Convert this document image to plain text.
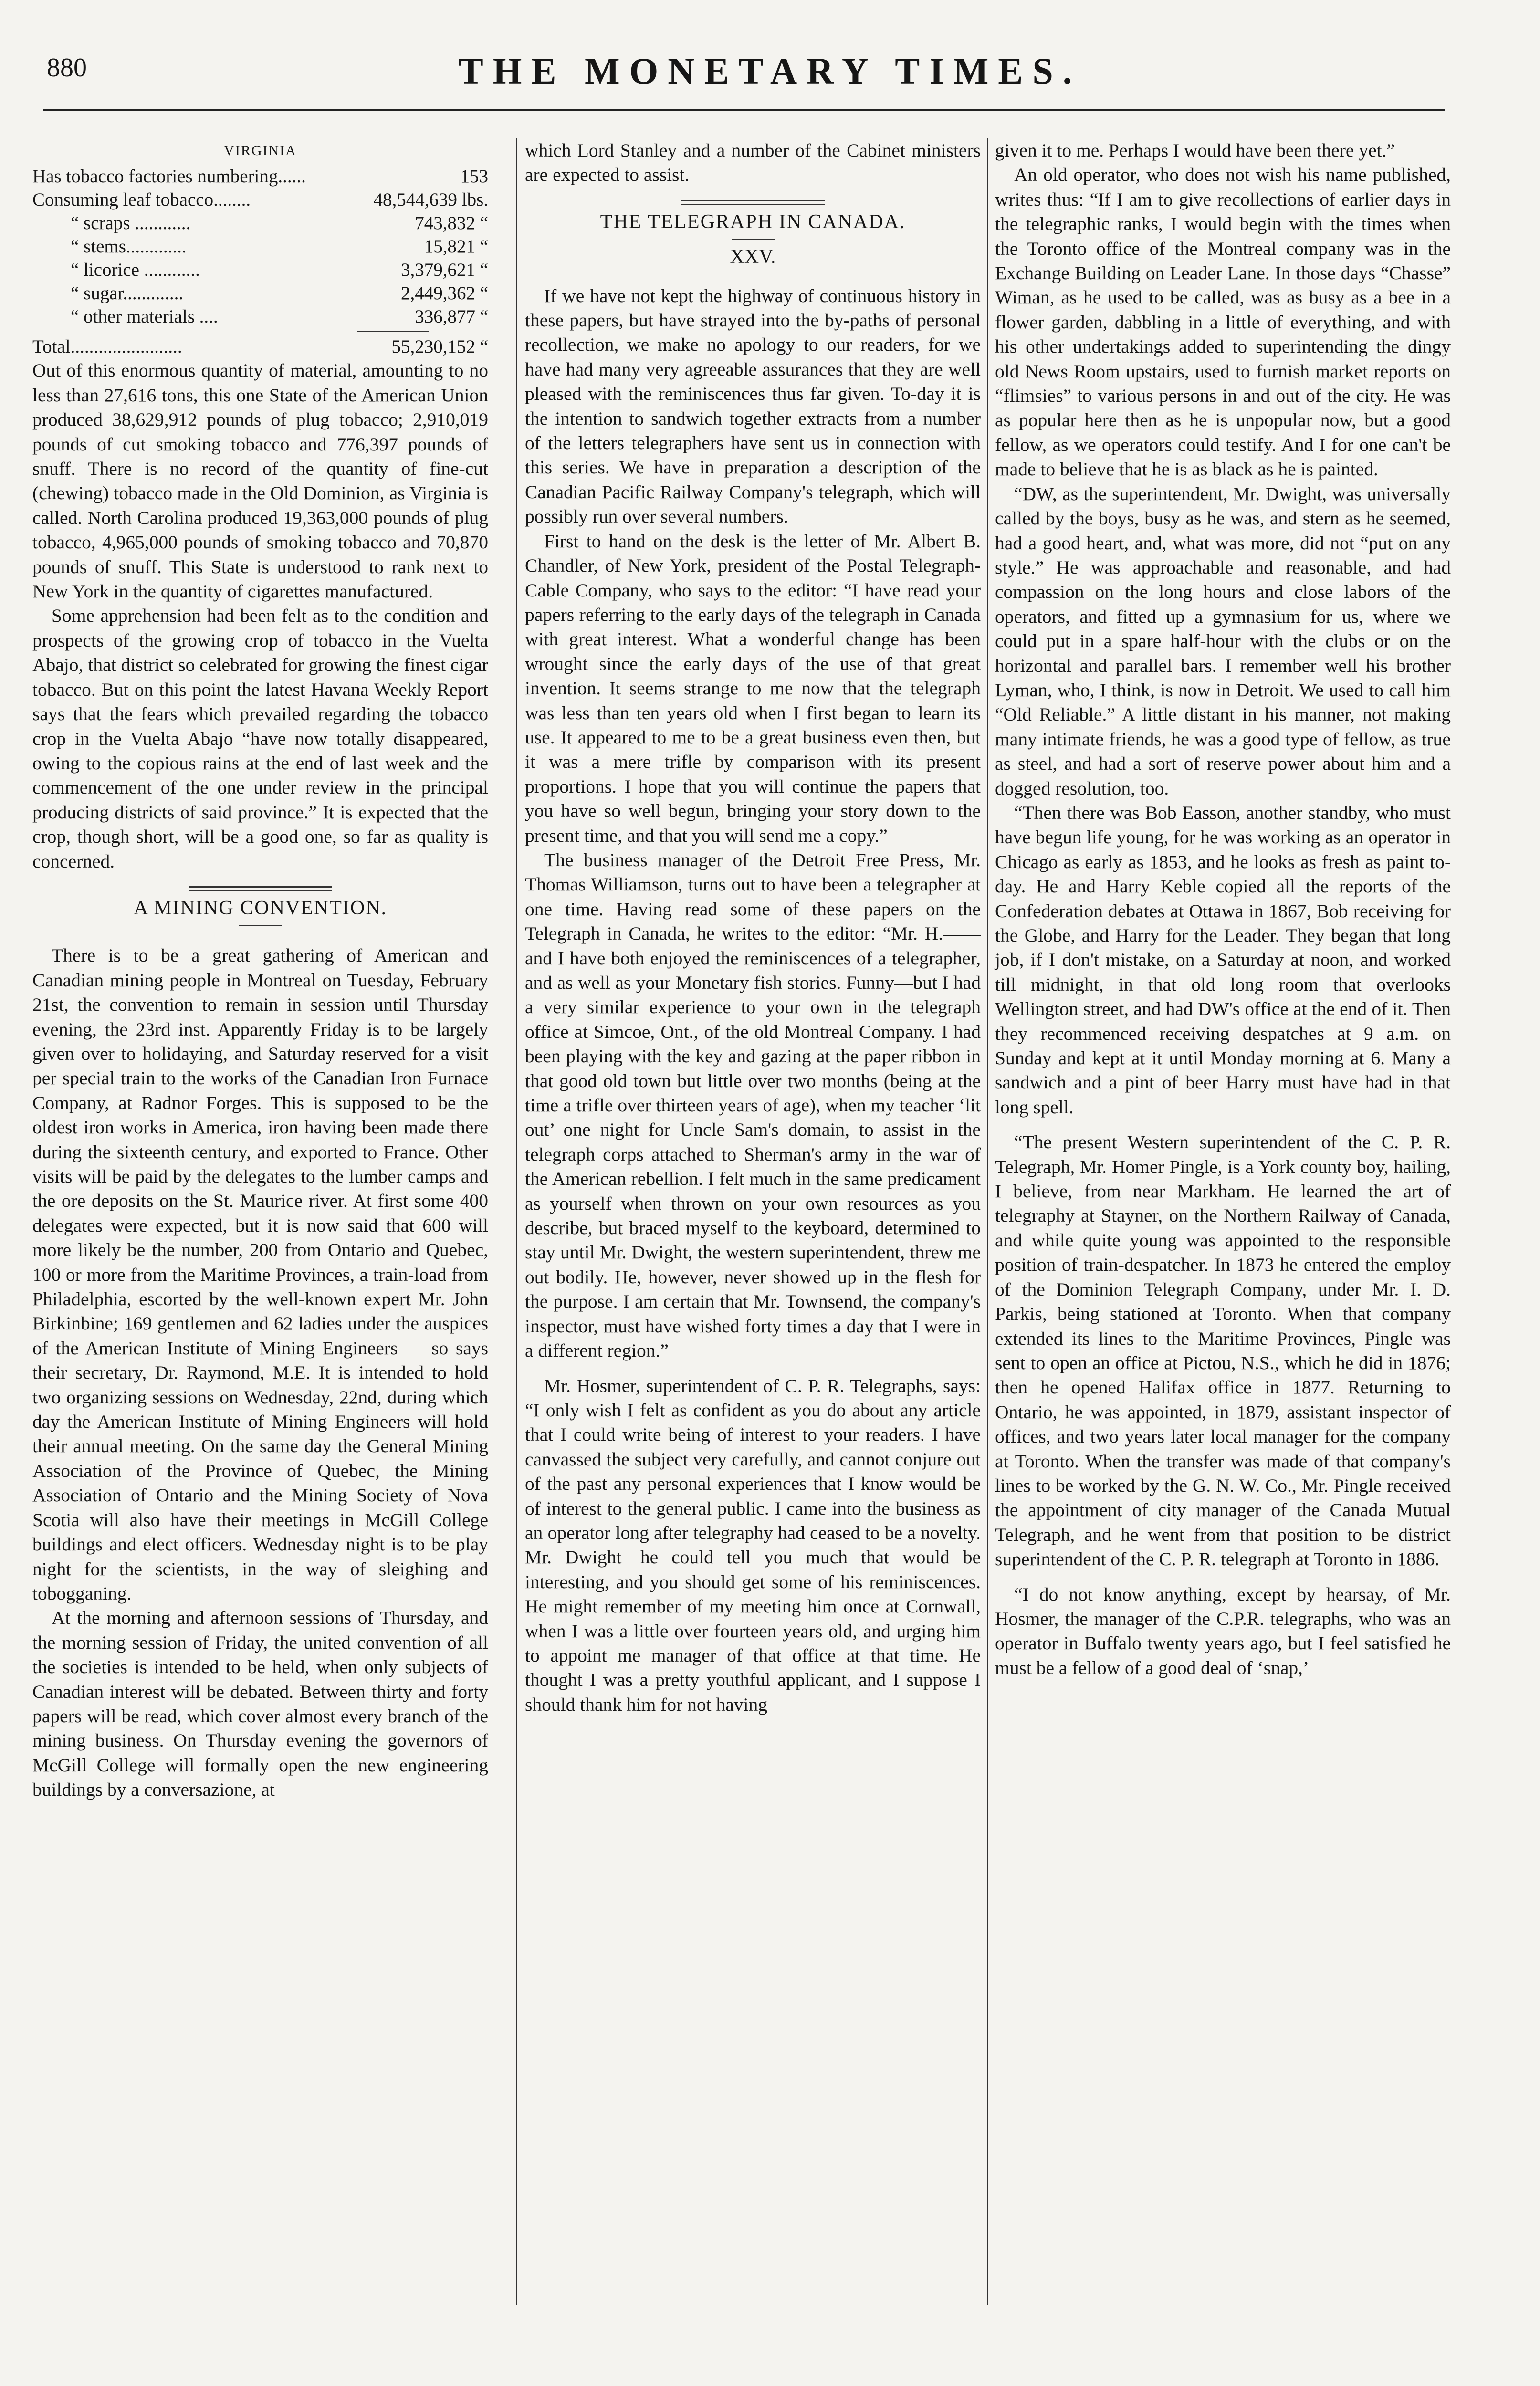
880	THE MONETARY TIMES.
VIRGINIA
Has tobacco factories numbering......	153
Consuming leaf tobacco........	48,544,639 lbs.
“ scraps ............	743,832 “
“ stems.............	15,821 “
“ licorice ............	3,379,621 “
“ sugar.............	2,449,362 “
“ other materials ....	336,877 “
Total........................	55,230,152 “

Out of this enormous quantity of material, amounting to no less than 27,616 tons, this one State of the American Union produced 38,629,912 pounds of plug tobacco; 2,910,019 pounds of cut smoking tobacco and 776,397 pounds of snuff. There is no record of the quantity of fine-cut (chewing) tobacco made in the Old Dominion, as Virginia is called. North Carolina produced 19,363,000 pounds of plug tobacco, 4,965,000 pounds of smoking tobacco and 70,870 pounds of snuff. This State is understood to rank next to New York in the quantity of cigarettes manufactured.

Some apprehension had been felt as to the condition and prospects of the growing crop of tobacco in the Vuelta Abajo, that district so celebrated for growing the finest cigar tobacco. But on this point the latest Havana Weekly Report says that the fears which prevailed regarding the tobacco crop in the Vuelta Abajo “have now totally disappeared, owing to the copious rains at the end of last week and the commencement of the one under review in the principal producing districts of said province.” It is expected that the crop, though short, will be a good one, so far as quality is concerned.

A MINING CONVENTION.

There is to be a great gathering of American and Canadian mining people in Montreal on Tuesday, February 21st, the convention to remain in session until Thursday evening, the 23rd inst. Apparently Friday is to be largely given over to holidaying, and Saturday reserved for a visit per special train to the works of the Canadian Iron Furnace Company, at Radnor Forges. This is supposed to be the oldest iron works in America, iron having been made there during the sixteenth century, and exported to France. Other visits will be paid by the delegates to the lumber camps and the ore deposits on the St. Maurice river. At first some 400 delegates were expected, but it is now said that 600 will more likely be the number, 200 from Ontario and Quebec, 100 or more from the Maritime Provinces, a train-load from Philadelphia, escorted by the well-known expert Mr. John Birkinbine; 169 gentlemen and 62 ladies under the auspices of the American Institute of Mining Engineers — so says their secretary, Dr. Raymond, M.E. It is intended to hold two organizing sessions on Wednesday, 22nd, during which day the American Institute of Mining Engineers will hold their annual meeting. On the same day the General Mining Association of the Province of Quebec, the Mining Association of Ontario and the Mining Society of Nova Scotia will also have their meetings in McGill College buildings and elect officers. Wednesday night is to be play night for the scientists, in the way of sleighing and tobogganing.

At the morning and afternoon sessions of Thursday, and the morning session of Friday, the united convention of all the societies is intended to be held, when only subjects of Canadian interest will be debated. Between thirty and forty papers will be read, which cover almost every branch of the mining business. On Thursday evening the governors of McGill College will formally open the new engineering buildings by a conversazione, at

which Lord Stanley and a number of the Cabinet ministers are expected to assist.

THE TELEGRAPH IN CANADA.
XXV.

If we have not kept the highway of continuous history in these papers, but have strayed into the by-paths of personal recollection, we make no apology to our readers, for we have had many very agreeable assurances that they are well pleased with the reminiscences thus far given. To-day it is the intention to sandwich together extracts from a number of the letters telegraphers have sent us in connection with this series. We have in preparation a description of the Canadian Pacific Railway Company's telegraph, which will possibly run over several numbers.

First to hand on the desk is the letter of Mr. Albert B. Chandler, of New York, president of the Postal Telegraph-Cable Company, who says to the editor: “I have read your papers referring to the early days of the telegraph in Canada with great interest. What a wonderful change has been wrought since the early days of the use of that great invention. It seems strange to me now that the telegraph was less than ten years old when I first began to learn its use. It appeared to me to be a great business even then, but it was a mere trifle by comparison with its present proportions. I hope that you will continue the papers that you have so well begun, bringing your story down to the present time, and that you will send me a copy.”

The business manager of the Detroit Free Press, Mr. Thomas Williamson, turns out to have been a telegrapher at one time. Having read some of these papers on the Telegraph in Canada, he writes to the editor: “Mr. H.—— and I have both enjoyed the reminiscences of a telegrapher, and as well as your Monetary fish stories. Funny—but I had a very similar experience to your own in the telegraph office at Simcoe, Ont., of the old Montreal Company. I had been playing with the key and gazing at the paper ribbon in that good old town but little over two months (being at the time a trifle over thirteen years of age), when my teacher ‘lit out’ one night for Uncle Sam's domain, to assist in the telegraph corps attached to Sherman's army in the war of the American rebellion. I felt much in the same predicament as yourself when thrown on your own resources as you describe, but braced myself to the keyboard, determined to stay until Mr. Dwight, the western superintendent, threw me out bodily. He, however, never showed up in the flesh for the purpose. I am certain that Mr. Townsend, the company's inspector, must have wished forty times a day that I were in a different region.”

Mr. Hosmer, superintendent of C. P. R. Telegraphs, says: “I only wish I felt as confident as you do about any article that I could write being of interest to your readers. I have canvassed the subject very carefully, and cannot conjure out of the past any personal experiences that I know would be of interest to the general public. I came into the business as an operator long after telegraphy had ceased to be a novelty. Mr. Dwight—he could tell you much that would be interesting, and you should get some of his reminiscences. He might remember of my meeting him once at Cornwall, when I was a little over fourteen years old, and urging him to appoint me manager of that office at that time. He thought I was a pretty youthful applicant, and I suppose I should thank him for not having

given it to me. Perhaps I would have been there yet.”

An old operator, who does not wish his name published, writes thus: “If I am to give recollections of earlier days in the telegraphic ranks, I would begin with the times when the Toronto office of the Montreal company was in the Exchange Building on Leader Lane. In those days “Chasse” Wiman, as he used to be called, was as busy as a bee in a flower garden, dabbling in a little of everything, and with his other undertakings added to superintending the dingy old News Room upstairs, used to furnish market reports on “flimsies” to various persons in and out of the city. He was as popular here then as he is unpopular now, but a good fellow, as we operators could testify. And I for one can't be made to believe that he is as black as he is painted.

“DW, as the superintendent, Mr. Dwight, was universally called by the boys, busy as he was, and stern as he seemed, had a good heart, and, what was more, did not “put on any style.” He was approachable and reasonable, and had compassion on the long hours and close labors of the operators, and fitted up a gymnasium for us, where we could put in a spare half-hour with the clubs or on the horizontal and parallel bars. I remember well his brother Lyman, who, I think, is now in Detroit. We used to call him “Old Reliable.” A little distant in his manner, not making many intimate friends, he was a good type of fellow, as true as steel, and had a sort of reserve power about him and a dogged resolution, too.

“Then there was Bob Easson, another standby, who must have begun life young, for he was working as an operator in Chicago as early as 1853, and he looks as fresh as paint to-day. He and Harry Keble copied all the reports of the Confederation debates at Ottawa in 1867, Bob receiving for the Globe, and Harry for the Leader. They began that long job, if I don't mistake, on a Saturday at noon, and worked till midnight, in that old long room that overlooks Wellington street, and had DW's office at the end of it. Then they recommenced receiving despatches at 9 a.m. on Sunday and kept at it until Monday morning at 6. Many a sandwich and a pint of beer Harry must have had in that long spell.

“The present Western superintendent of the C. P. R. Telegraph, Mr. Homer Pingle, is a York county boy, hailing, I believe, from near Markham. He learned the art of telegraphy at Stayner, on the Northern Railway of Canada, and while quite young was appointed to the responsible position of train-despatcher. In 1873 he entered the employ of the Dominion Telegraph Company, under Mr. I. D. Parkis, being stationed at Toronto. When that company extended its lines to the Maritime Provinces, Pingle was sent to open an office at Pictou, N.S., which he did in 1876; then he opened Halifax office in 1877. Returning to Ontario, he was appointed, in 1879, assistant inspector of offices, and two years later local manager for the company at Toronto. When the transfer was made of that company's lines to be worked by the G. N. W. Co., Mr. Pingle received the appointment of city manager of the Canada Mutual Telegraph, and he went from that position to be district superintendent of the C. P. R. telegraph at Toronto in 1886.

“I do not know anything, except by hearsay, of Mr. Hosmer, the manager of the C.P.R. telegraphs, who was an operator in Buffalo twenty years ago, but I feel satisfied he must be a fellow of a good deal of ‘snap,’
